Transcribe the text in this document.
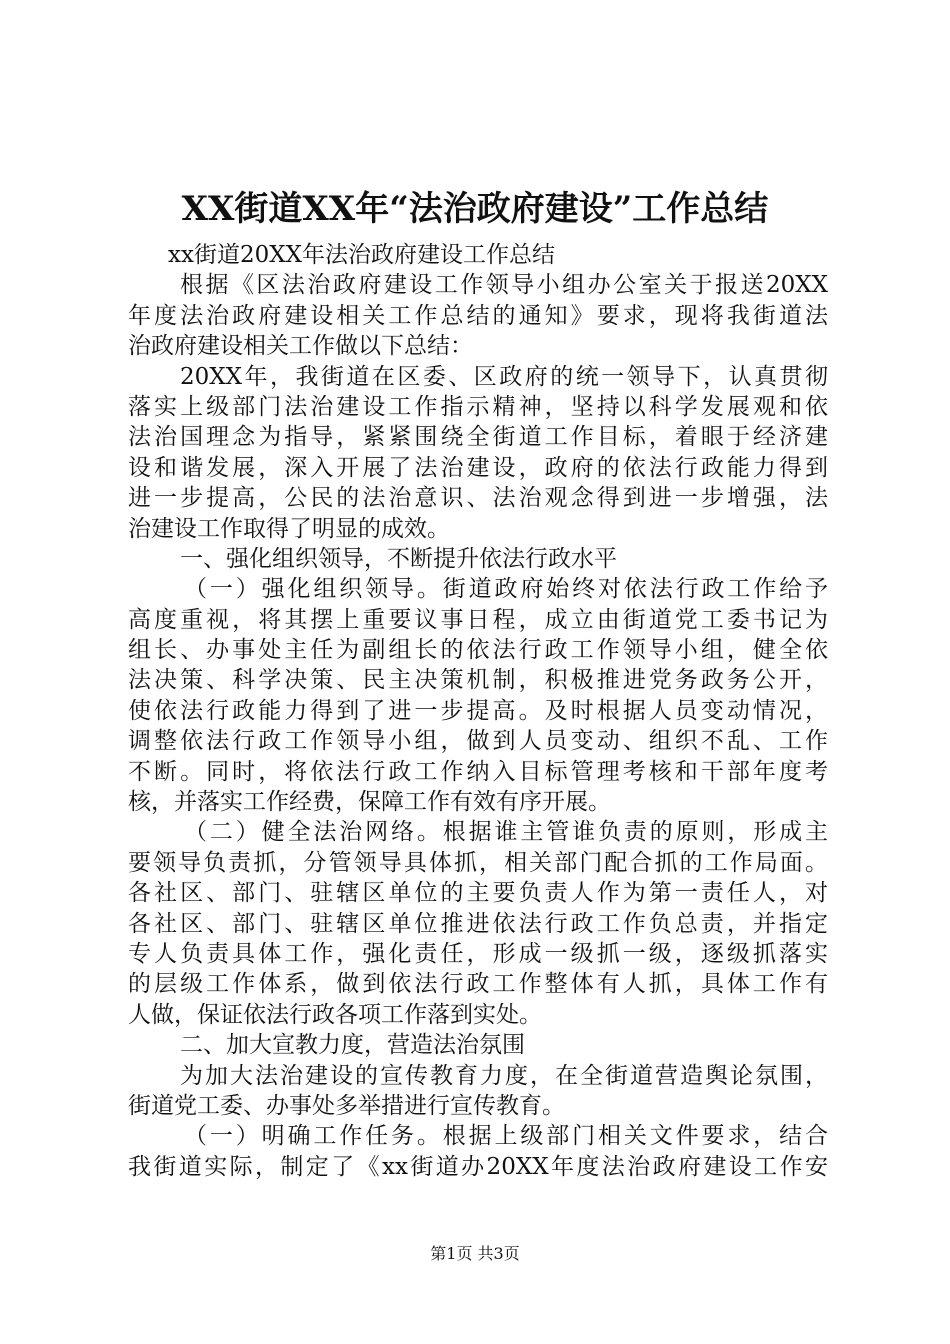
XX街道XX年“法治政府建设”工作总结
xx街道20XX年法治政府建设工作总结
根据《区法治政府建设工作领导小组办公室关于报送20XX
年度法治政府建设相关工作总结的通知》要求，现将我街道法
治政府建设相关工作做以下总结：
20XX年，我街道在区委、区政府的统一领导下，认真贯彻
落实上级部门法治建设工作指示精神，坚持以科学发展观和依
法治国理念为指导，紧紧围绕全街道工作目标，着眼于经济建
设和谐发展，深入开展了法治建设，政府的依法行政能力得到
进一步提高，公民的法治意识、法治观念得到进一步增强，法
治建设工作取得了明显的成效。
一、强化组织领导，不断提升依法行政水平
（一）强化组织领导。街道政府始终对依法行政工作给予
高度重视，将其摆上重要议事日程，成立由街道党工委书记为
组长、办事处主任为副组长的依法行政工作领导小组，健全依
法决策、科学决策、民主决策机制，积极推进党务政务公开，
使依法行政能力得到了进一步提高。及时根据人员变动情况，
调整依法行政工作领导小组，做到人员变动、组织不乱、工作
不断。同时，将依法行政工作纳入目标管理考核和干部年度考
核，并落实工作经费，保障工作有效有序开展。
（二）健全法治网络。根据谁主管谁负责的原则，形成主
要领导负责抓，分管领导具体抓，相关部门配合抓的工作局面。
各社区、部门、驻辖区单位的主要负责人作为第一责任人，对
各社区、部门、驻辖区单位推进依法行政工作负总责，并指定
专人负责具体工作，强化责任，形成一级抓一级，逐级抓落实
的层级工作体系，做到依法行政工作整体有人抓，具体工作有
人做，保证依法行政各项工作落到实处。
二、加大宣教力度，营造法治氛围
为加大法治建设的宣传教育力度，在全街道营造舆论氛围，
街道党工委、办事处多举措进行宣传教育。
（一）明确工作任务。根据上级部门相关文件要求，结合
我街道实际，制定了《xx街道办20XX年度法治政府建设工作安
第1页 共3页
